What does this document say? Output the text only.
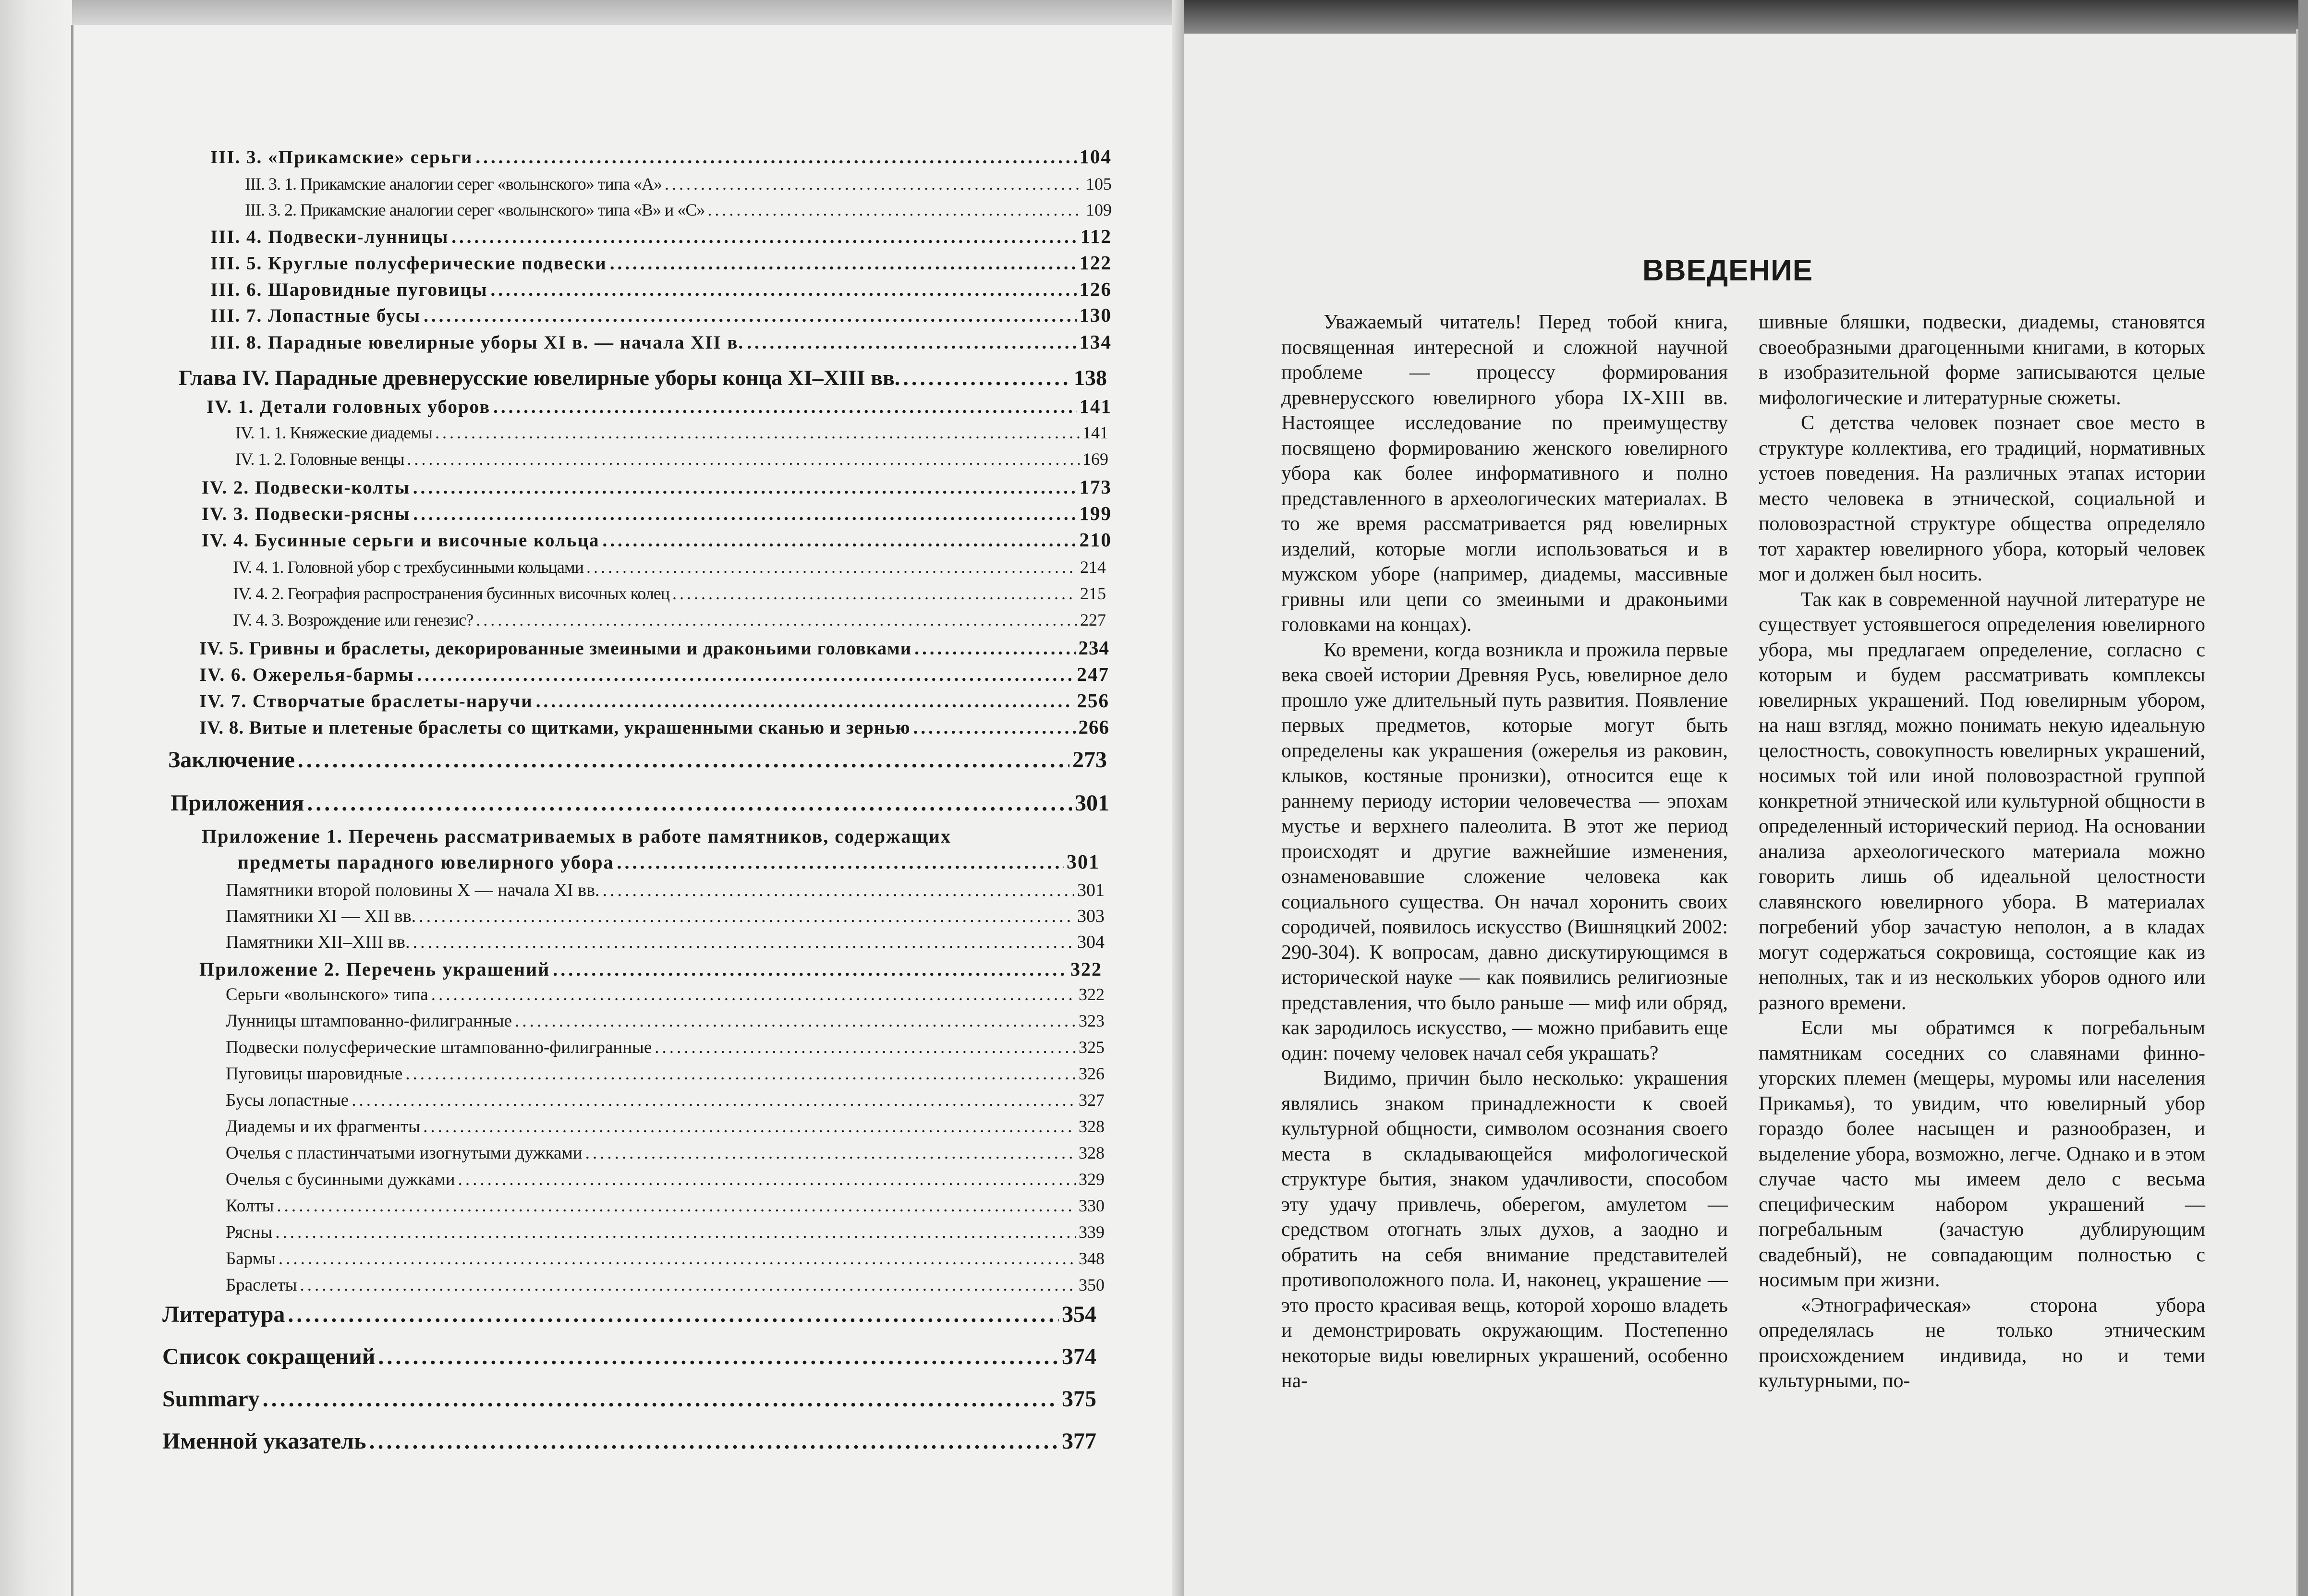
III. 3. «Прикамские» серьги .....	104
III. 3. 1. Прикамские аналогии серег «волынского» типа «А» .....	105
III. 3. 2. Прикамские аналогии серег «волынского» типа «В» и «С» .....	109
III. 4. Подвески-лунницы .....	112
III. 5. Круглые полусферические подвески .....	122
III. 6. Шаровидные пуговицы .....	126
III. 7. Лопастные бусы .....	130
III. 8. Парадные ювелирные уборы XI в. — начала XII в. .....	134
Глава IV. Парадные древнерусские ювелирные уборы конца XI–XIII вв. .....	138
IV. 1. Детали головных уборов .....	141
IV. 1. 1. Княжеские диадемы .....	141
IV. 1. 2. Головные венцы .....	169
IV. 2. Подвески-колты .....	173
IV. 3. Подвески-рясны .....	199
IV. 4. Бусинные серьги и височные кольца .....	210
IV. 4. 1. Головной убор с трехбусинными кольцами .....	214
IV. 4. 2. География распространения бусинных височных колец .....	215
IV. 4. 3. Возрождение или генезис? .....	227
IV. 5. Гривны и браслеты, декорированные змеиными и драконьими головками .....	234
IV. 6. Ожерелья-бармы .....	247
IV. 7. Створчатые браслеты-наручи .....	256
IV. 8. Витые и плетеные браслеты со щитками, украшенными сканью и зернью .....	266
Заключение .....	273
Приложения .....	301
Приложение 1. Перечень рассматриваемых в работе памятников, содержащих
предметы парадного ювелирного убора .....	301
Памятники второй половины X — начала XI вв. .....	301
Памятники XI — XII вв. .....	303
Памятники XII–XIII вв. .....	304
Приложение 2. Перечень украшений .....	322
Серьги «волынского» типа .....	322
Лунницы штампованно-филигранные .....	323
Подвески полусферические штампованно-филигранные .....	325
Пуговицы шаровидные .....	326
Бусы лопастные .....	327
Диадемы и их фрагменты .....	328
Очелья с пластинчатыми изогнутыми дужками .....	328
Очелья с бусинными дужками .....	329
Колты .....	330
Рясны .....	339
Бармы .....	348
Браслеты .....	350
Литература .....	354
Список сокращений .....	374
Summary .....	375
Именной указатель .....	377
ВВЕДЕНИЕ

Уважаемый читатель! Перед тобой книга, посвященная интересной и сложной научной проблеме — процессу формирования древнерусского ювелирного убора IX-XIII вв. Настоящее исследование по преимуществу посвящено формированию женского ювелирного убора как более информативного и полно представленного в археологических материалах. В то же время рассматривается ряд ювелирных изделий, которые могли использоваться и в мужском уборе (например, диадемы, массивные гривны или цепи со змеиными и драконьими головками на концах).

Ко времени, когда возникла и прожила первые века своей истории Древняя Русь, ювелирное дело прошло уже длительный путь развития. Появление первых предметов, которые могут быть определены как украшения (ожерелья из раковин, клыков, костяные пронизки), относится еще к раннему периоду истории человечества — эпохам мустье и верхнего палеолита. В этот же период происходят и другие важнейшие изменения, ознаменовавшие сложение человека как социального существа. Он начал хоронить своих сородичей, появилось искусство (Вишняцкий 2002: 290-304). К вопросам, давно дискутирующимся в исторической науке — как появились религиозные представления, что было раньше — миф или обряд, как зародилось искусство, — можно прибавить еще один: почему человек начал себя украшать?

Видимо, причин было несколько: украшения являлись знаком принадлежности к своей культурной общности, символом осознания своего места в складывающейся мифологической структуре бытия, знаком удачливости, способом эту удачу привлечь, оберегом, амулетом — средством отогнать злых духов, а заодно и обратить на себя внимание представителей противоположного пола. И, наконец, украшение — это просто красивая вещь, которой хорошо владеть и демонстрировать окружающим. Постепенно некоторые виды ювелирных украшений, особенно на-

шивные бляшки, подвески, диадемы, становятся своеобразными драгоценными книгами, в которых в изобразительной форме записываются целые мифологические и литературные сюжеты.

С детства человек познает свое место в структуре коллектива, его традиций, нормативных устоев поведения. На различных этапах истории место человека в этнической, социальной и половозрастной структуре общества определяло тот характер ювелирного убора, который человек мог и должен был носить.

Так как в современной научной литературе не существует устоявшегося определения ювелирного убора, мы предлагаем определение, согласно с которым и будем рассматривать комплексы ювелирных украшений. Под ювелирным убором, на наш взгляд, можно понимать некую идеальную целостность, совокупность ювелирных украшений, носимых той или иной половозрастной группой конкретной этнической или культурной общности в определенный исторический период. На основании анализа археологического материала можно говорить лишь об идеальной целостности славянского ювелирного убора. В материалах погребений убор зачастую неполон, а в кладах могут содержаться сокровища, состоящие как из неполных, так и из нескольких уборов одного или разного времени.

Если мы обратимся к погребальным памятникам соседних со славянами финно-угорских племен (мещеры, муромы или населения Прикамья), то увидим, что ювелирный убор гораздо более насыщен и разнообразен, и выделение убора, возможно, легче. Однако и в этом случае часто мы имеем дело с весьма специфическим набором украшений — погребальным (зачастую дублирующим свадебный), не совпадающим полностью с носимым при жизни.

«Этнографическая» сторона убора определялась не только этническим происхождением индивида, но и теми культурными, по-
